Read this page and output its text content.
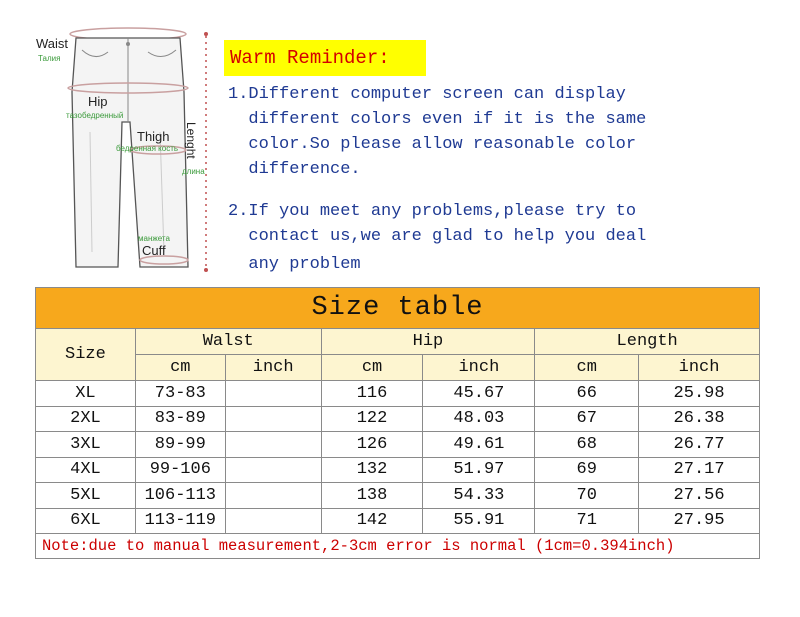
Waist
Талия
Hip
тазобедренный
Thigh
бедренная кость Lenght
длина
манжета
Cuff
Warm Reminder:
1.Different computer screen can display
different colors even if it is the same
color.So please allow reasonable color
difference.
2.If you meet any problems,please try to
contact us,we are glad to help you deal
any problem
Size table						
Size	Walst		Hip		Length	
	cm	inch	cm	inch	cm	inch
XL	73-83		116	45.67	66	25.98
2XL	83-89		122	48.03	67	26.38
3XL	89-99		126	49.61	68	26.77
4XL	99-106		132	51.97	69	27.17
5XL	106-113		138	54.33	70	27.56
6XL	113-119		142	55.91	71	27.95
Note:due to manual measurement,2-3cm error is normal (1cm=0.394inch)						
